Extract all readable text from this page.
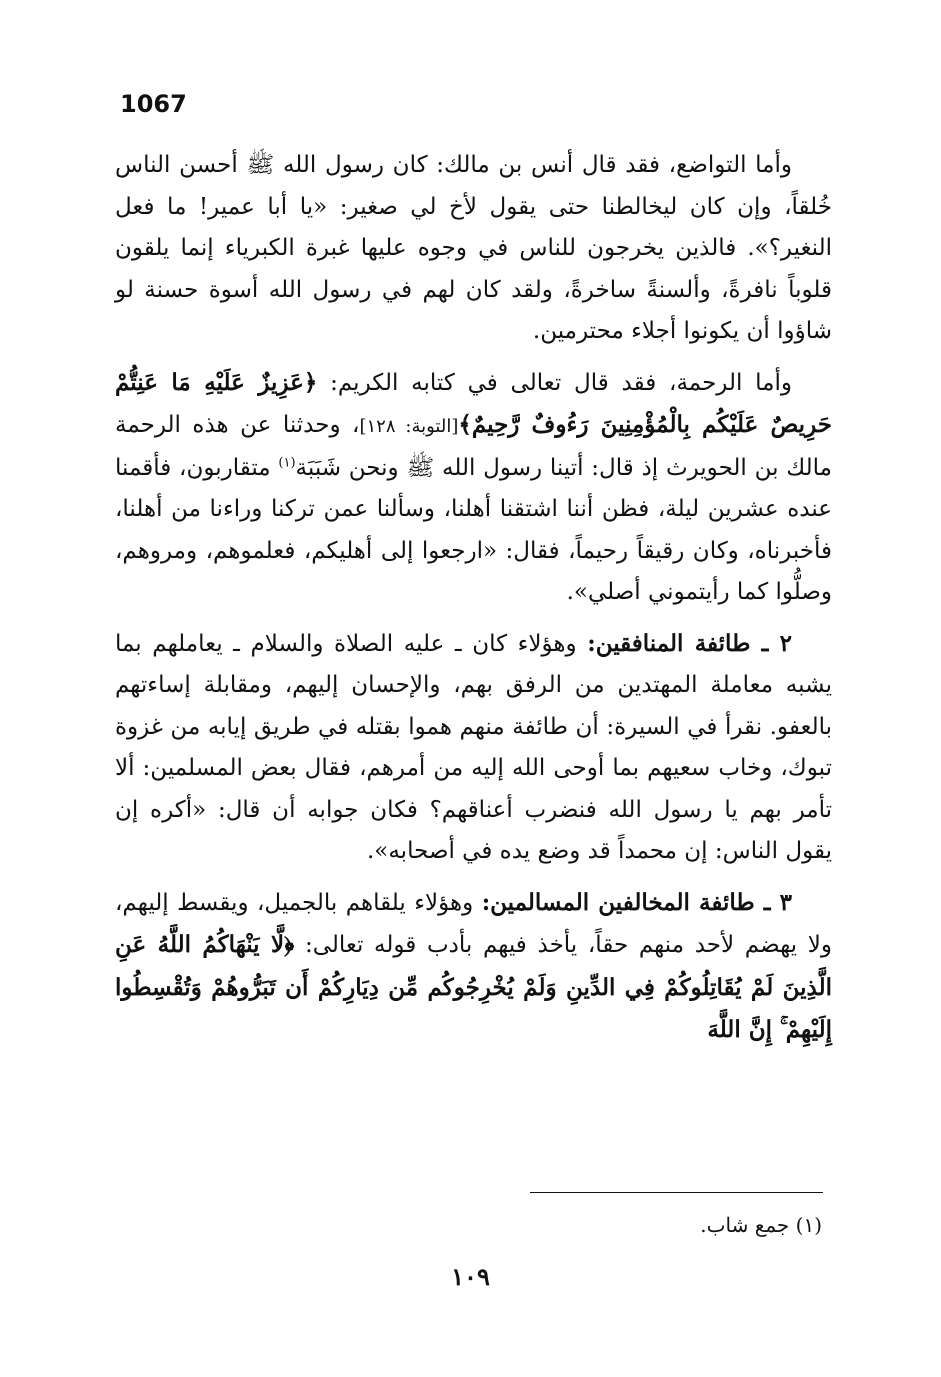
1067

وأما التواضع، فقد قال أنس بن مالك: كان رسول الله ﷺ أحسن الناس خُلقاً، وإن كان ليخالطنا حتى يقول لأخ لي صغير: «يا أبا عمير! ما فعل النغير؟». فالذين يخرجون للناس في وجوه عليها غبرة الكبرياء إنما يلقون قلوباً نافرةً، وألسنةً ساخرةً، ولقد كان لهم في رسول الله أسوة حسنة لو شاؤوا أن يكونوا أجلاء محترمين.

وأما الرحمة، فقد قال تعالى في كتابه الكريم: ﴿عَزِيزٌ عَلَيْهِ مَا عَنِتُّمْ حَرِيصٌ عَلَيْكُم بِالْمُؤْمِنِينَ رَءُوفٌ رَّحِيمٌ﴾[التوبة: ١٢٨]، وحدثنا عن هذه الرحمة مالك بن الحويرث إذ قال: أتينا رسول الله ﷺ ونحن شَبَبَة$^{(١)}$ متقاربون، فأقمنا عنده عشرين ليلة، فظن أننا اشتقنا أهلنا، وسألنا عمن تركنا وراءنا من أهلنا، فأخبرناه، وكان رقيقاً رحيماً، فقال: «ارجعوا إلى أهليكم، فعلموهم، ومروهم، وصلُّوا كما رأيتموني أصلي».

٢ ـ طائفة المنافقين: وهؤلاء كان ـ عليه الصلاة والسلام ـ يعاملهم بما يشبه معاملة المهتدين من الرفق بهم، والإحسان إليهم، ومقابلة إساءتهم بالعفو. نقرأ في السيرة: أن طائفة منهم هموا بقتله في طريق إيابه من غزوة تبوك، وخاب سعيهم بما أوحى الله إليه من أمرهم، فقال بعض المسلمين: ألا تأمر بهم يا رسول الله فنضرب أعناقهم؟ فكان جوابه أن قال: «أكره إن يقول الناس: إن محمداً قد وضع يده في أصحابه».

٣ ـ طائفة المخالفين المسالمين: وهؤلاء يلقاهم بالجميل، ويقسط إليهم، ولا يهضم لأحد منهم حقاً، يأخذ فيهم بأدب قوله تعالى: ﴿لَّا يَنْهَاكُمُ اللَّهُ عَنِ الَّذِينَ لَمْ يُقَاتِلُوكُمْ فِي الدِّينِ وَلَمْ يُخْرِجُوكُم مِّن دِيَارِكُمْ أَن تَبَرُّوهُمْ وَتُقْسِطُوا إِلَيْهِمْ ۚ إِنَّ اللَّهَ

(١) جمع شاب.
١٠٩
